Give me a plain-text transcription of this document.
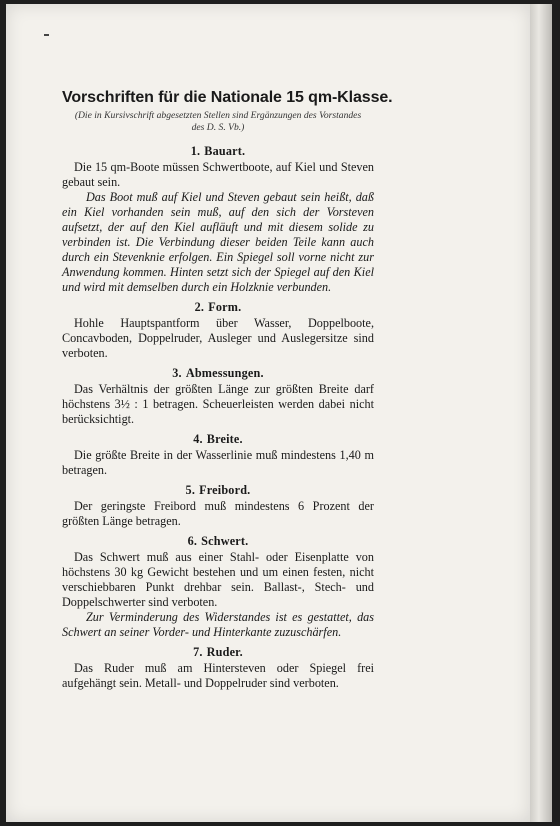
Vorschriften für die Nationale 15 qm-Klasse.
(Die in Kursivschrift abgesetzten Stellen sind Ergänzungen des Vorstandes des D. S. Vb.)
1. Bauart.

Die 15 qm-Boote müssen Schwertboote, auf Kiel und Steven gebaut sein.

Das Boot muß auf Kiel und Steven gebaut sein heißt, daß ein Kiel vorhanden sein muß, auf den sich der Vorsteven aufsetzt, der auf den Kiel aufläuft und mit diesem solide zu verbinden ist. Die Verbindung dieser beiden Teile kann auch durch ein Stevenknie erfolgen. Ein Spiegel soll vorne nicht zur Anwendung kommen. Hinten setzt sich der Spiegel auf den Kiel und wird mit demselben durch ein Holzknie verbunden.

2. Form.

Hohle Hauptspantform über Wasser, Doppelboote, Concavboden, Doppelruder, Ausleger und Auslegersitze sind verboten.

3. Abmessungen.

Das Verhältnis der größten Länge zur größten Breite darf höchstens 3½ : 1 betragen. Scheuerleisten werden dabei nicht berücksichtigt.

4. Breite.

Die größte Breite in der Wasserlinie muß mindestens 1,40 m betragen.

5. Freibord.

Der geringste Freibord muß mindestens 6 Prozent der größten Länge betragen.

6. Schwert.

Das Schwert muß aus einer Stahl- oder Eisenplatte von höchstens 30 kg Gewicht bestehen und um einen festen, nicht verschiebbaren Punkt drehbar sein. Ballast-, Stech- und Doppelschwerter sind verboten.

Zur Verminderung des Widerstandes ist es gestattet, das Schwert an seiner Vorder- und Hinterkante zuzuschärfen.

7. Ruder.

Das Ruder muß am Hintersteven oder Spiegel frei aufgehängt sein. Metall- und Doppelruder sind verboten.
